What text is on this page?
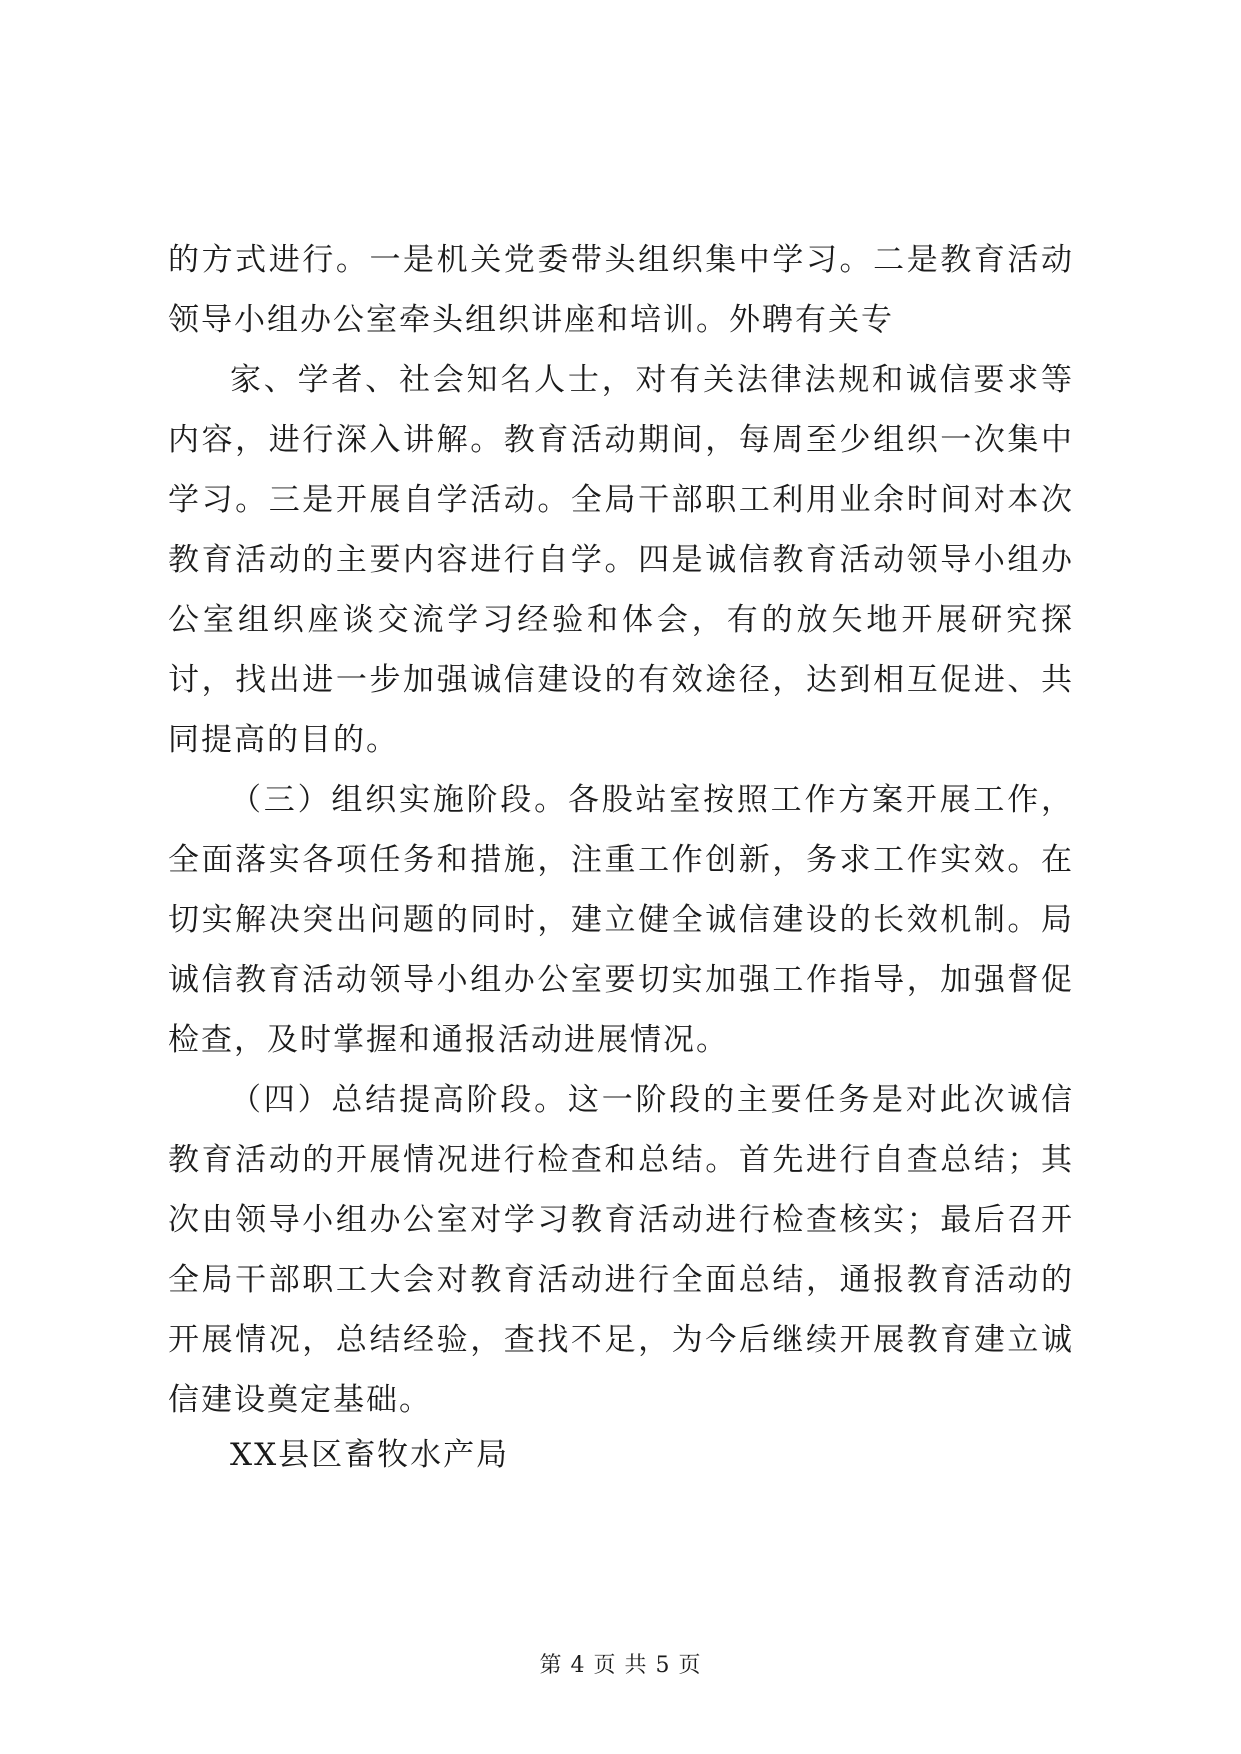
的方式进行。一是机关党委带头组织集中学习。二是教育活动领导小组办公室牵头组织讲座和培训。外聘有关专

家、学者、社会知名人士，对有关法律法规和诚信要求等内容，进行深入讲解。教育活动期间，每周至少组织一次集中学习。三是开展自学活动。全局干部职工利用业余时间对本次教育活动的主要内容进行自学。四是诚信教育活动领导小组办公室组织座谈交流学习经验和体会，有的放矢地开展研究探讨，找出进一步加强诚信建设的有效途径，达到相互促进、共同提高的目的。

（三）组织实施阶段。各股站室按照工作方案开展工作，全面落实各项任务和措施，注重工作创新，务求工作实效。在切实解决突出问题的同时，建立健全诚信建设的长效机制。局诚信教育活动领导小组办公室要切实加强工作指导，加强督促检查，及时掌握和通报活动进展情况。

（四）总结提高阶段。这一阶段的主要任务是对此次诚信教育活动的开展情况进行检查和总结。首先进行自查总结；其次由领导小组办公室对学习教育活动进行检查核实；最后召开全局干部职工大会对教育活动进行全面总结，通报教育活动的开展情况，总结经验，查找不足，为今后继续开展教育建立诚信建设奠定基础。

XX县区畜牧水产局
第 4 页 共 5 页
